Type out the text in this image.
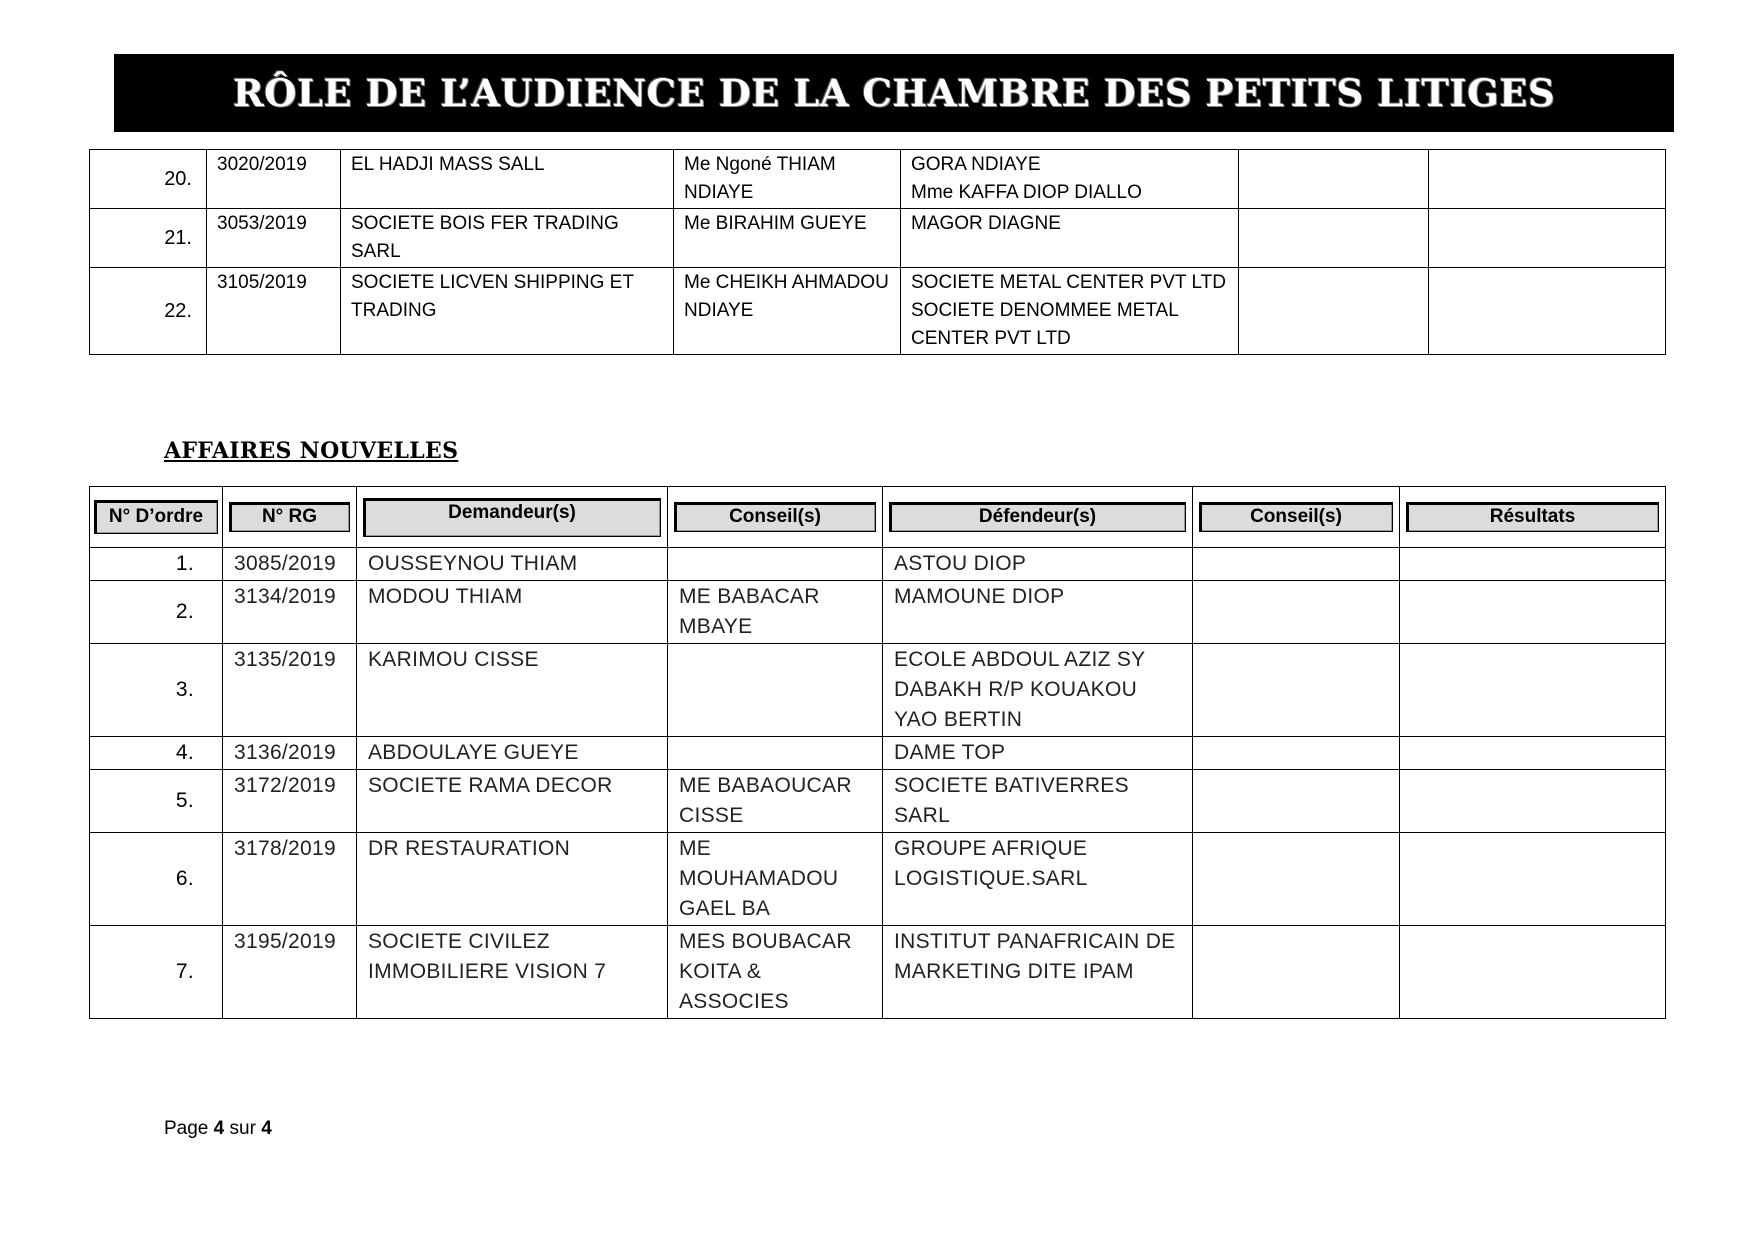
RÔLE DE L’AUDIENCE DE LA CHAMBRE DES PETITS LITIGES
20.	3020/2019	EL HADJI MASS SALL	Me Ngoné THIAM NDIAYE	GORA NDIAYE
Mme KAFFA DIOP DIALLO		
21.	3053/2019	SOCIETE BOIS FER TRADING SARL	Me BIRAHIM GUEYE	MAGOR DIAGNE		
22.	3105/2019	SOCIETE LICVEN SHIPPING ET TRADING	Me CHEIKH AHMADOU NDIAYE	SOCIETE METAL CENTER PVT LTD
SOCIETE DENOMMEE METAL CENTER PVT LTD		
AFFAIRES NOUVELLES
N° D’ordre	N° RG	Demandeur(s)	Conseil(s)	Défendeur(s)	Conseil(s)	Résultats

1.	3085/2019	OUSSEYNOU THIAM		ASTOU DIOP		
2.	3134/2019	MODOU THIAM	ME BABACAR MBAYE	MAMOUNE DIOP		
3.	3135/2019	KARIMOU CISSE		ECOLE ABDOUL AZIZ SY DABAKH R/P KOUAKOU YAO BERTIN		
4.	3136/2019	ABDOULAYE GUEYE		DAME TOP		
5.	3172/2019	SOCIETE RAMA DECOR	ME BABAOUCAR CISSE	SOCIETE BATIVERRES SARL		
6.	3178/2019	DR RESTAURATION	ME MOUHAMADOU GAEL BA	GROUPE AFRIQUE LOGISTIQUE.SARL		
7.	3195/2019	SOCIETE CIVILEZ IMMOBILIERE VISION 7	MES BOUBACAR KOITA & ASSOCIES	INSTITUT PANAFRICAIN DE MARKETING DITE IPAM		
Page 4 sur 4
